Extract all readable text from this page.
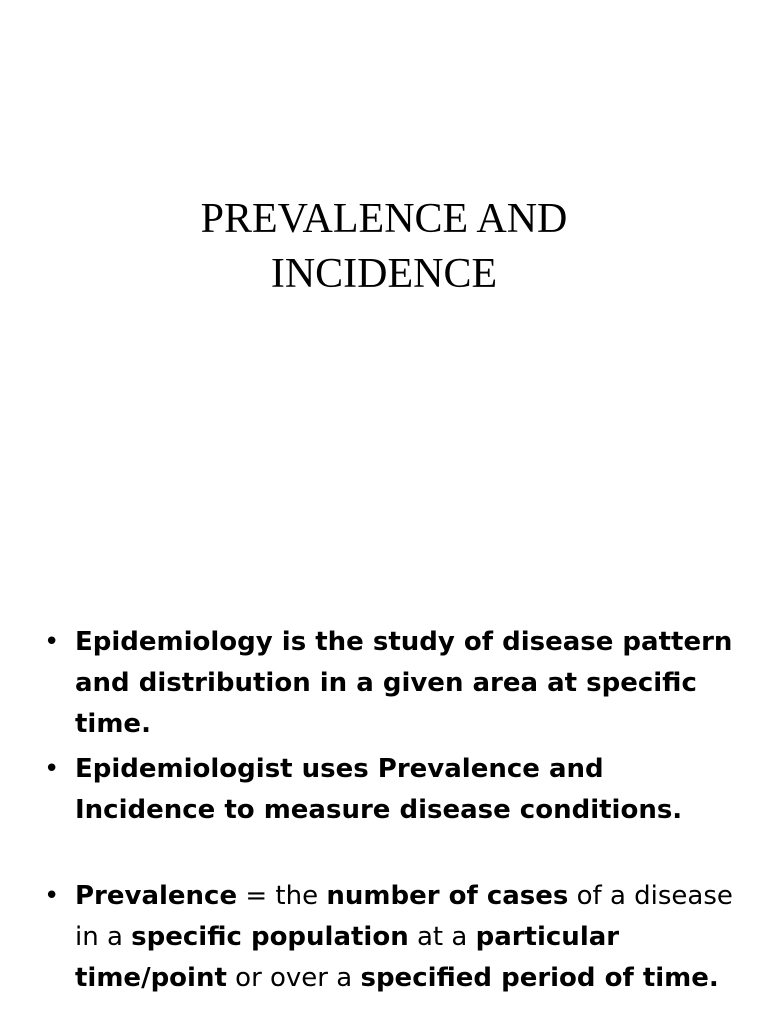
PREVALENCE AND
INCIDENCE
• Epidemiology is the study of disease pattern and distribution in a given area at specific time.
• Epidemiologist uses Prevalence and Incidence to measure disease conditions.
• Prevalence = the number of cases of a disease in a specific population at a particular time/point or over a specified period of time.
